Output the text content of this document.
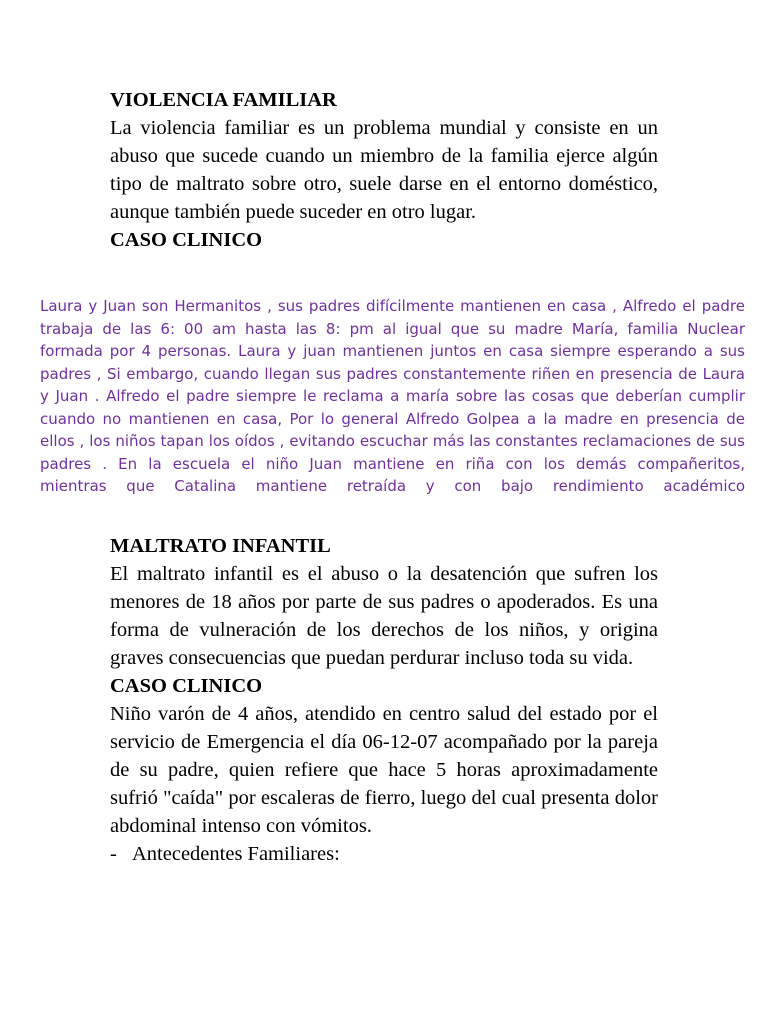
VIOLENCIA FAMILIAR
La violencia familiar es un problema mundial y consiste en un abuso que sucede cuando un miembro de la familia ejerce algún tipo de maltrato sobre otro, suele darse en el entorno doméstico, aunque también puede suceder en otro lugar.
CASO CLINICO
Laura y Juan son Hermanitos , sus padres difícilmente mantienen en casa , Alfredo el padre
trabaja de las 6: 00 am hasta las 8: pm al igual que su madre María, familia Nuclear
formada por 4 personas. Laura y juan mantienen juntos en casa siempre esperando a sus
padres , Si embargo, cuando llegan sus padres constantemente riñen en presencia de Laura
y Juan . Alfredo el padre siempre le reclama a maría sobre las cosas que deberían cumplir
cuando no mantienen en casa, Por lo general Alfredo Golpea a la madre en presencia de
ellos , los niños tapan los oídos , evitando escuchar más las constantes reclamaciones de sus
padres . En la escuela el niño Juan mantiene en riña con los demás compañeritos,
mientras que Catalina mantiene retraída y con bajo rendimiento académico
MALTRATO INFANTIL
El maltrato infantil es el abuso o la desatención que sufren los menores de 18 años por parte de sus padres o apoderados. Es una forma de vulneración de los derechos de los niños, y origina graves consecuencias que puedan perdurar incluso toda su vida.
CASO CLINICO
Niño varón de 4 años, atendido en centro salud del estado por el servicio de Emergencia el día 06-12-07 acompañado por la pareja de su padre, quien refiere que hace 5 horas aproximadamente sufrió "caída" por escaleras de fierro, luego del cual presenta dolor abdominal intenso con vómitos.
- Antecedentes Familiares:
